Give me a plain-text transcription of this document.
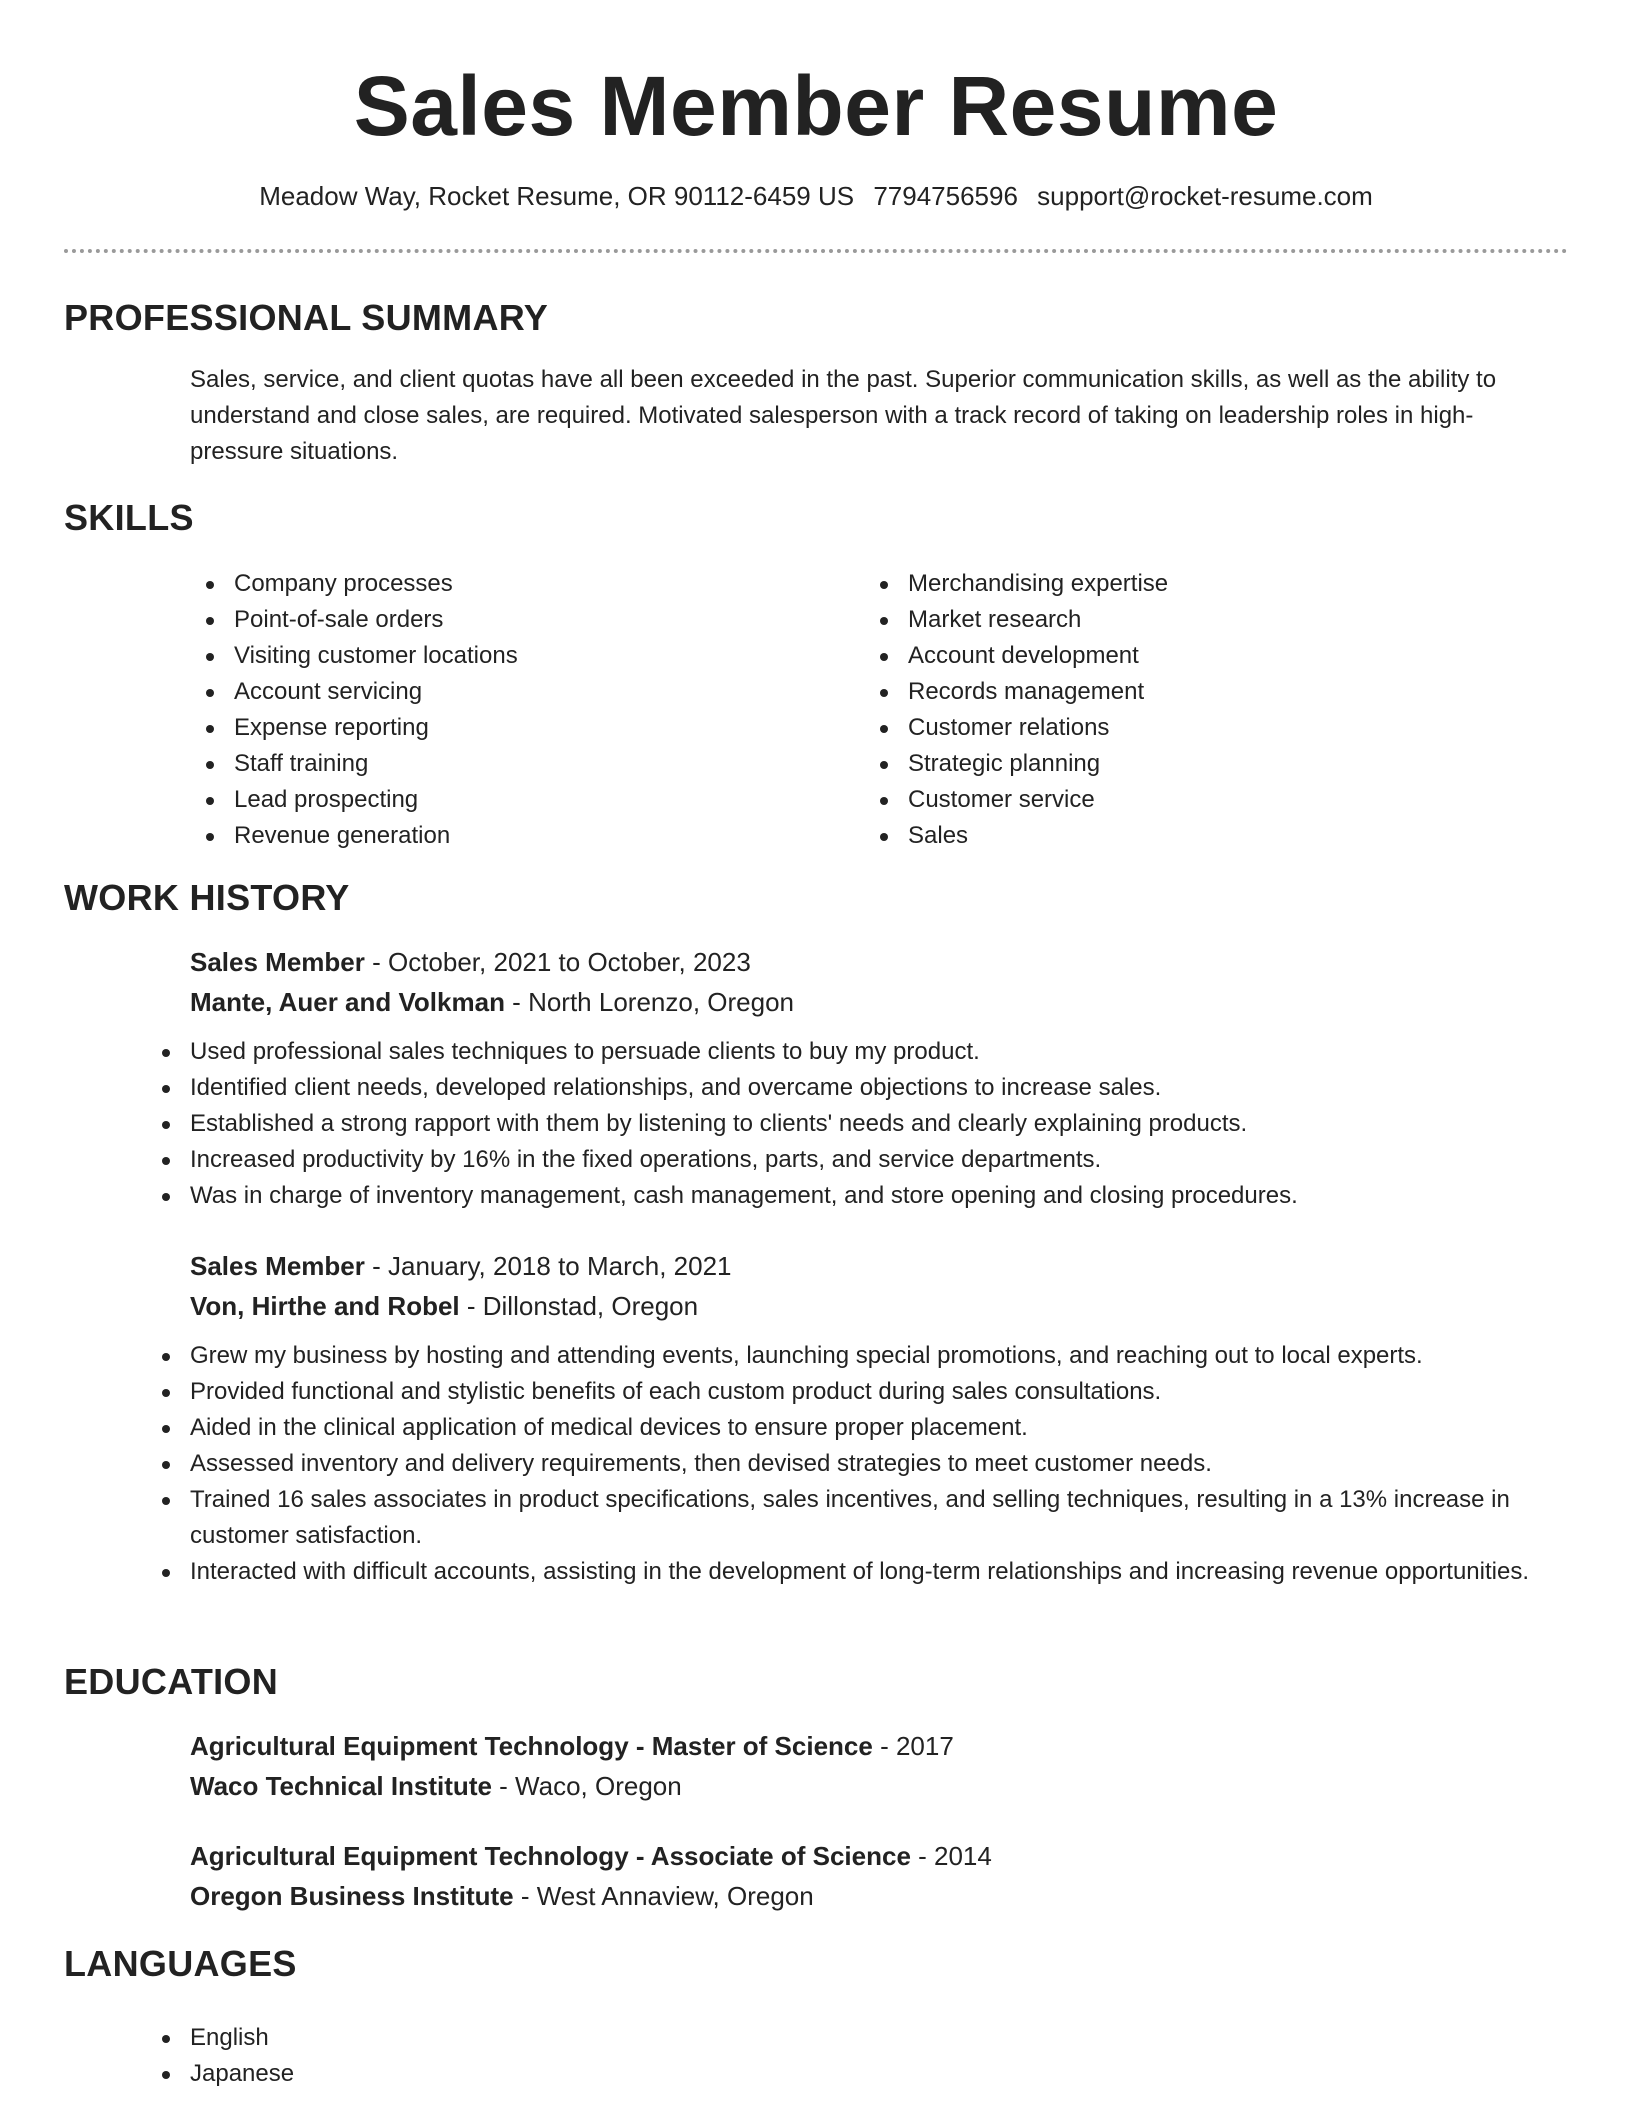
Sales Member Resume
Meadow Way, Rocket Resume, OR 90112-6459 US 7794756596 support@rocket-resume.com
PROFESSIONAL SUMMARY

Sales, service, and client quotas have all been exceeded in the past. Superior communication skills, as well as the ability to understand and close sales, are required. Motivated salesperson with a track record of taking on leadership roles in high-pressure situations.

SKILLS
Company processes
Point-of-sale orders
Visiting customer locations
Account servicing
Expense reporting
Staff training
Lead prospecting
Revenue generation
Merchandising expertise
Market research
Account development
Records management
Customer relations
Strategic planning
Customer service
Sales
WORK HISTORY
Sales Member - October, 2021 to October, 2023
Mante, Auer and Volkman - North Lorenzo, Oregon
Used professional sales techniques to persuade clients to buy my product.
Identified client needs, developed relationships, and overcame objections to increase sales.
Established a strong rapport with them by listening to clients' needs and clearly explaining products.
Increased productivity by 16% in the fixed operations, parts, and service departments.
Was in charge of inventory management, cash management, and store opening and closing procedures.
Sales Member - January, 2018 to March, 2021
Von, Hirthe and Robel - Dillonstad, Oregon
Grew my business by hosting and attending events, launching special promotions, and reaching out to local experts.
Provided functional and stylistic benefits of each custom product during sales consultations.
Aided in the clinical application of medical devices to ensure proper placement.
Assessed inventory and delivery requirements, then devised strategies to meet customer needs.
Trained 16 sales associates in product specifications, sales incentives, and selling techniques, resulting in a 13% increase in customer satisfaction.
Interacted with difficult accounts, assisting in the development of long-term relationships and increasing revenue opportunities.
EDUCATION
Agricultural Equipment Technology - Master of Science - 2017
Waco Technical Institute - Waco, Oregon
Agricultural Equipment Technology - Associate of Science - 2014
Oregon Business Institute - West Annaview, Oregon
LANGUAGES
English
Japanese
